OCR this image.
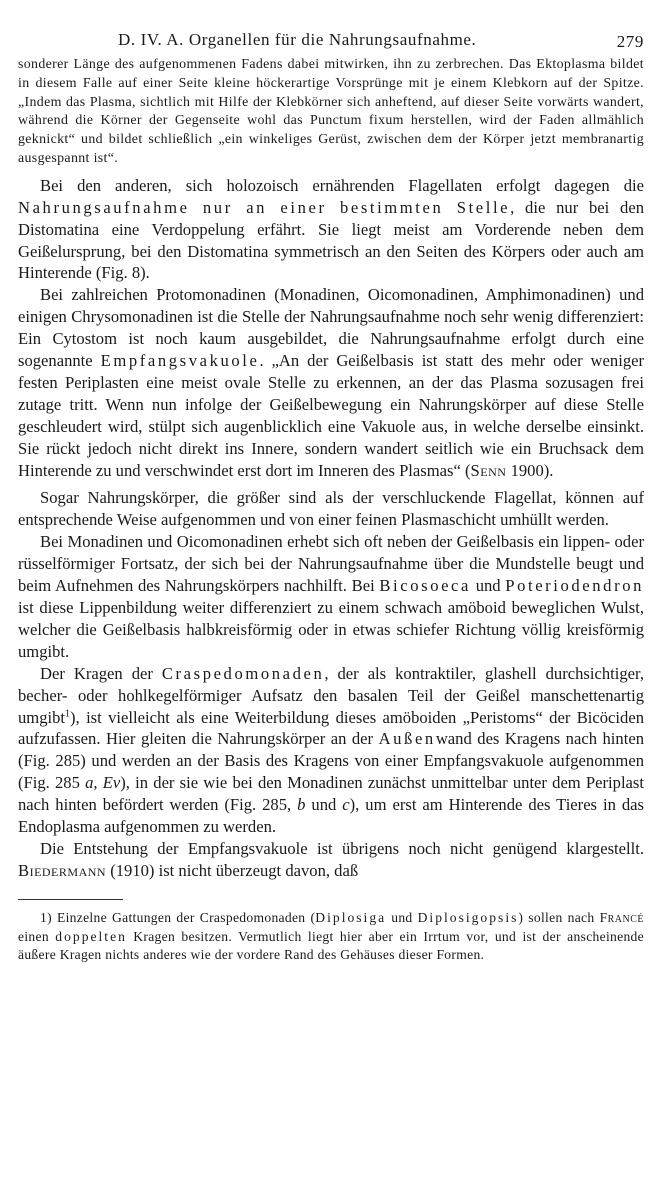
D. IV. A. Organellen für die Nahrungsaufnahme.	279

sonderer Länge des aufgenommenen Fadens dabei mitwirken, ihn zu zerbrechen. Das Ektoplasma bildet in diesem Falle auf einer Seite kleine höckerartige Vorsprünge mit je einem Klebkorn auf der Spitze. „Indem das Plasma, sichtlich mit Hilfe der Klebkörner sich anheftend, auf dieser Seite vorwärts wandert, während die Körner der Gegenseite wohl das Punctum fixum herstellen, wird der Faden allmählich geknickt“ und bildet schließlich „ein winkeliges Gerüst, zwischen dem der Körper jetzt membranartig ausgespannt ist“.

Bei den anderen, sich holozoisch ernährenden Flagellaten erfolgt dagegen die Nahrungsaufnahme nur an einer bestimmten Stelle, die nur bei den Distomatina eine Verdoppelung erfährt. Sie liegt meist am Vorderende neben dem Geißelursprung, bei den Distomatina symmetrisch an den Seiten des Körpers oder auch am Hinterende (Fig. 8).

Bei zahlreichen Protomonadinen (Monadinen, Oicomonadinen, Amphimonadinen) und einigen Chrysomonadinen ist die Stelle der Nahrungsaufnahme noch sehr wenig differenziert: Ein Cytostom ist noch kaum ausgebildet, die Nahrungsaufnahme erfolgt durch eine sogenannte Empfangsvakuole. „An der Geißelbasis ist statt des mehr oder weniger festen Periplasten eine meist ovale Stelle zu erkennen, an der das Plasma sozusagen frei zutage tritt. Wenn nun infolge der Geißelbewegung ein Nahrungskörper auf diese Stelle geschleudert wird, stülpt sich augenblicklich eine Vakuole aus, in welche derselbe einsinkt. Sie rückt jedoch nicht direkt ins Innere, sondern wandert seitlich wie ein Bruchsack dem Hinterende zu und verschwindet erst dort im Inneren des Plasmas“ (Senn 1900).

Sogar Nahrungskörper, die größer sind als der verschluckende Flagellat, können auf entsprechende Weise aufgenommen und von einer feinen Plasmaschicht umhüllt werden.

Bei Monadinen und Oicomonadinen erhebt sich oft neben der Geißelbasis ein lippen- oder rüsselförmiger Fortsatz, der sich bei der Nahrungsaufnahme über die Mundstelle beugt und beim Aufnehmen des Nahrungskörpers nachhilft. Bei Bicosoeca und Poteriodendron ist diese Lippenbildung weiter differenziert zu einem schwach amöboid beweglichen Wulst, welcher die Geißelbasis halbkreisförmig oder in etwas schiefer Richtung völlig kreisförmig umgibt.

Der Kragen der Craspedomonaden, der als kontraktiler, glashell durchsichtiger, becher- oder hohlkegelförmiger Aufsatz den basalen Teil der Geißel manschettenartig umgibt$^1$), ist vielleicht als eine Weiterbildung dieses amöboiden „Peristoms“ der Bicöciden aufzufassen. Hier gleiten die Nahrungskörper an der Außenwand des Kragens nach hinten (Fig. 285) und werden an der Basis des Kragens von einer Empfangsvakuole aufgenommen (Fig. 285 a, Ev), in der sie wie bei den Monadinen zunächst unmittelbar unter dem Periplast nach hinten befördert werden (Fig. 285, b und c), um erst am Hinterende des Tieres in das Endoplasma aufgenommen zu werden.

Die Entstehung der Empfangsvakuole ist übrigens noch nicht genügend klargestellt. Biedermann (1910) ist nicht überzeugt davon, daß

1) Einzelne Gattungen der Craspedomonaden (Diplosiga und Diplosigopsis) sollen nach Francé einen doppelten Kragen besitzen. Vermutlich liegt hier aber ein Irrtum vor, und ist der anscheinende äußere Kragen nichts anderes wie der vordere Rand des Gehäuses dieser Formen.
